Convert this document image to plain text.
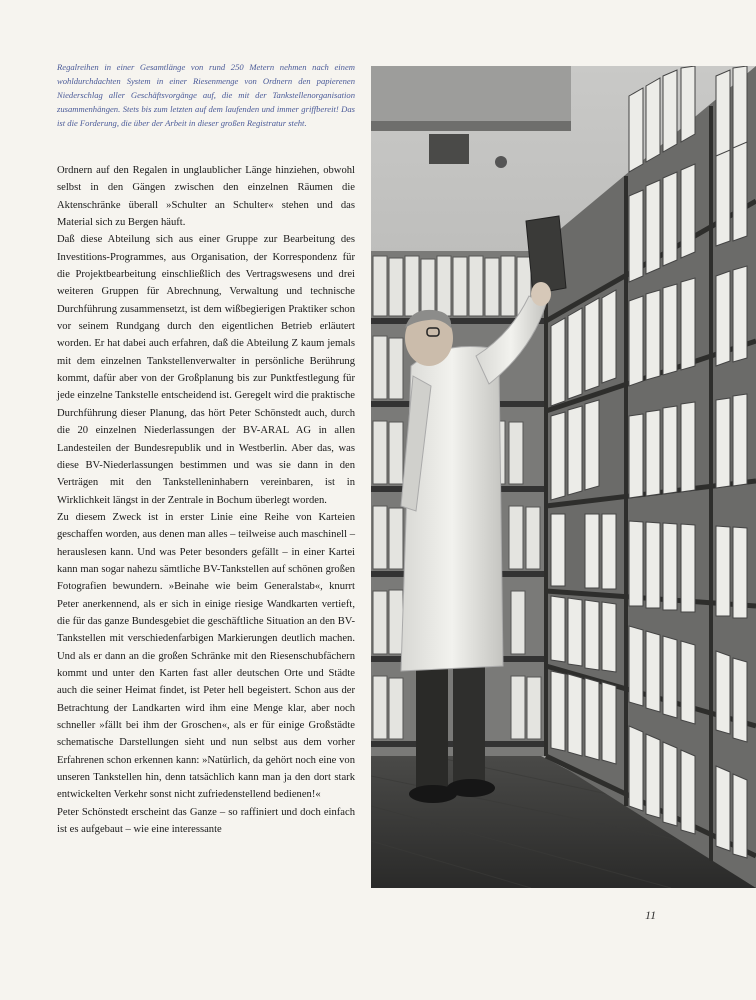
Regalreihen in einer Gesamtlänge von rund 250 Metern nehmen nach einem wohldurchdachten System in einer Riesenmenge von Ordnern den papierenen Niederschlag aller Geschäftsvorgänge auf, die mit der Tankstellenorganisation zusammenhängen. Stets bis zum letzten auf dem laufenden und immer griffbereit! Das ist die Forderung, die über der Arbeit in dieser großen Registratur steht.

Ordnern auf den Regalen in unglaublicher Länge hinziehen, obwohl selbst in den Gängen zwischen den einzelnen Räumen die Aktenschränke überall »Schulter an Schulter« stehen und das Material sich zu Bergen häuft.

Daß diese Abteilung sich aus einer Gruppe zur Bearbeitung des Investitions-Programmes, aus Organisation, der Korrespondenz für die Projektbearbeitung einschließlich des Vertragswesens und drei weiteren Gruppen für Abrechnung, Verwaltung und technische Durchführung zusammensetzt, ist dem wißbegierigen Praktiker schon vor seinem Rundgang durch den eigentlichen Betrieb erläutert worden. Er hat dabei auch erfahren, daß die Abteilung Z kaum jemals mit dem einzelnen Tankstellenverwalter in persönliche Berührung kommt, dafür aber von der Großplanung bis zur Punktfestlegung für jede einzelne Tankstelle entscheidend ist. Geregelt wird die praktische Durchführung dieser Planung, das hört Peter Schönstedt auch, durch die 20 einzelnen Niederlassungen der BV-ARAL AG in allen Landesteilen der Bundesrepublik und in Westberlin. Aber das, was diese BV-Niederlassungen bestimmen und was sie dann in den Verträgen mit den Tankstelleninhabern vereinbaren, ist in Wirklichkeit längst in der Zentrale in Bochum überlegt worden.

Zu diesem Zweck ist in erster Linie eine Reihe von Karteien geschaffen worden, aus denen man alles – teilweise auch maschinell – herauslesen kann. Und was Peter besonders gefällt – in einer Kartei kann man sogar nahezu sämtliche BV-Tankstellen auf schönen großen Fotografien bewundern. »Beinahe wie beim Generalstab«, knurrt Peter anerkennend, als er sich in einige riesige Wandkarten vertieft, die für das ganze Bundesgebiet die geschäftliche Situation an den BV-Tankstellen mit verschiedenfarbigen Markierungen deutlich machen. Und als er dann an die großen Schränke mit den Riesenschubfächern kommt und unter den Karten fast aller deutschen Orte und Städte auch die seiner Heimat findet, ist Peter hell begeistert. Schon aus der Betrachtung der Landkarten wird ihm eine Menge klar, aber noch schneller »fällt bei ihm der Groschen«, als er für einige Großstädte schematische Darstellungen sieht und nun selbst aus dem vorher Erfahrenen schon erkennen kann: »Natürlich, da gehört noch eine von unseren Tankstellen hin, denn tatsächlich kann man ja den dort stark entwickelten Verkehr sonst nicht zufriedenstellend bedienen!«

Peter Schönstedt erscheint das Ganze – so raffiniert und doch einfach ist es aufgebaut – wie eine interessante

11
